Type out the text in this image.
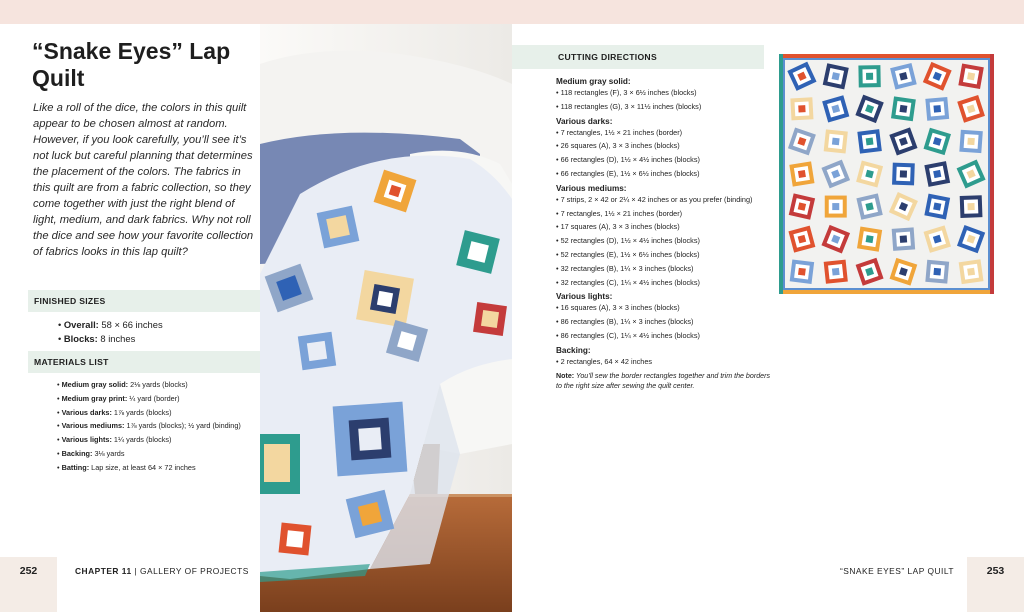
“Snake Eyes” Lap Quilt

Like a roll of the dice, the colors in this quilt appear to be chosen almost at random. However, if you look carefully, you’ll see it’s not luck but careful planning that determines the placement of the colors. The fabrics in this quilt are from a fabric collection, so they come together with just the right blend of light, medium, and dark fabrics. Why not roll the dice and see how your favorite collection of fabrics looks in this lap quilt?

FINISHED SIZES
• Overall: 58 × 66 inches
• Blocks: 8 inches
MATERIALS LIST
• Medium gray solid: 2⅛ yards (blocks)
• Medium gray print: ¼ yard (border)
• Various darks: 1⅞ yards (blocks)
• Various mediums: 1⅞ yards (blocks); ½ yard (binding)
• Various lights: 1¼ yards (blocks)
• Backing: 3⅛ yards
• Batting: Lap size, at least 64 × 72 inches
CUTTING DIRECTIONS
Medium gray solid:
• 118 rectangles (F), 3 × 6½ inches (blocks)
• 118 rectangles (G), 3 × 11½ inches (blocks)
Various darks:
• 7 rectangles, 1½ × 21 inches (border)
• 26 squares (A), 3 × 3 inches (blocks)
• 66 rectangles (D), 1½ × 4½ inches (blocks)
• 66 rectangles (E), 1½ × 6½ inches (blocks)
Various mediums:
• 7 strips, 2 × 42 or 2¼ × 42 inches or as you prefer (binding)
• 7 rectangles, 1½ × 21 inches (border)
• 17 squares (A), 3 × 3 inches (blocks)
• 52 rectangles (D), 1½ × 4½ inches (blocks)
• 52 rectangles (E), 1½ × 6½ inches (blocks)
• 32 rectangles (B), 1¼ × 3 inches (blocks)
• 32 rectangles (C), 1¼ × 4½ inches (blocks)
Various lights:
• 16 squares (A), 3 × 3 inches (blocks)
• 86 rectangles (B), 1¼ × 3 inches (blocks)
• 86 rectangles (C), 1¼ × 4½ inches (blocks)
Backing:
• 2 rectangles, 64 × 42 inches

Note: You’ll sew the border rectangles together and trim the borders to the right size after sewing the quilt center.

252	CHAPTER 11 | GALLERY OF PROJECTS	“SNAKE EYES” LAP QUILT	253
